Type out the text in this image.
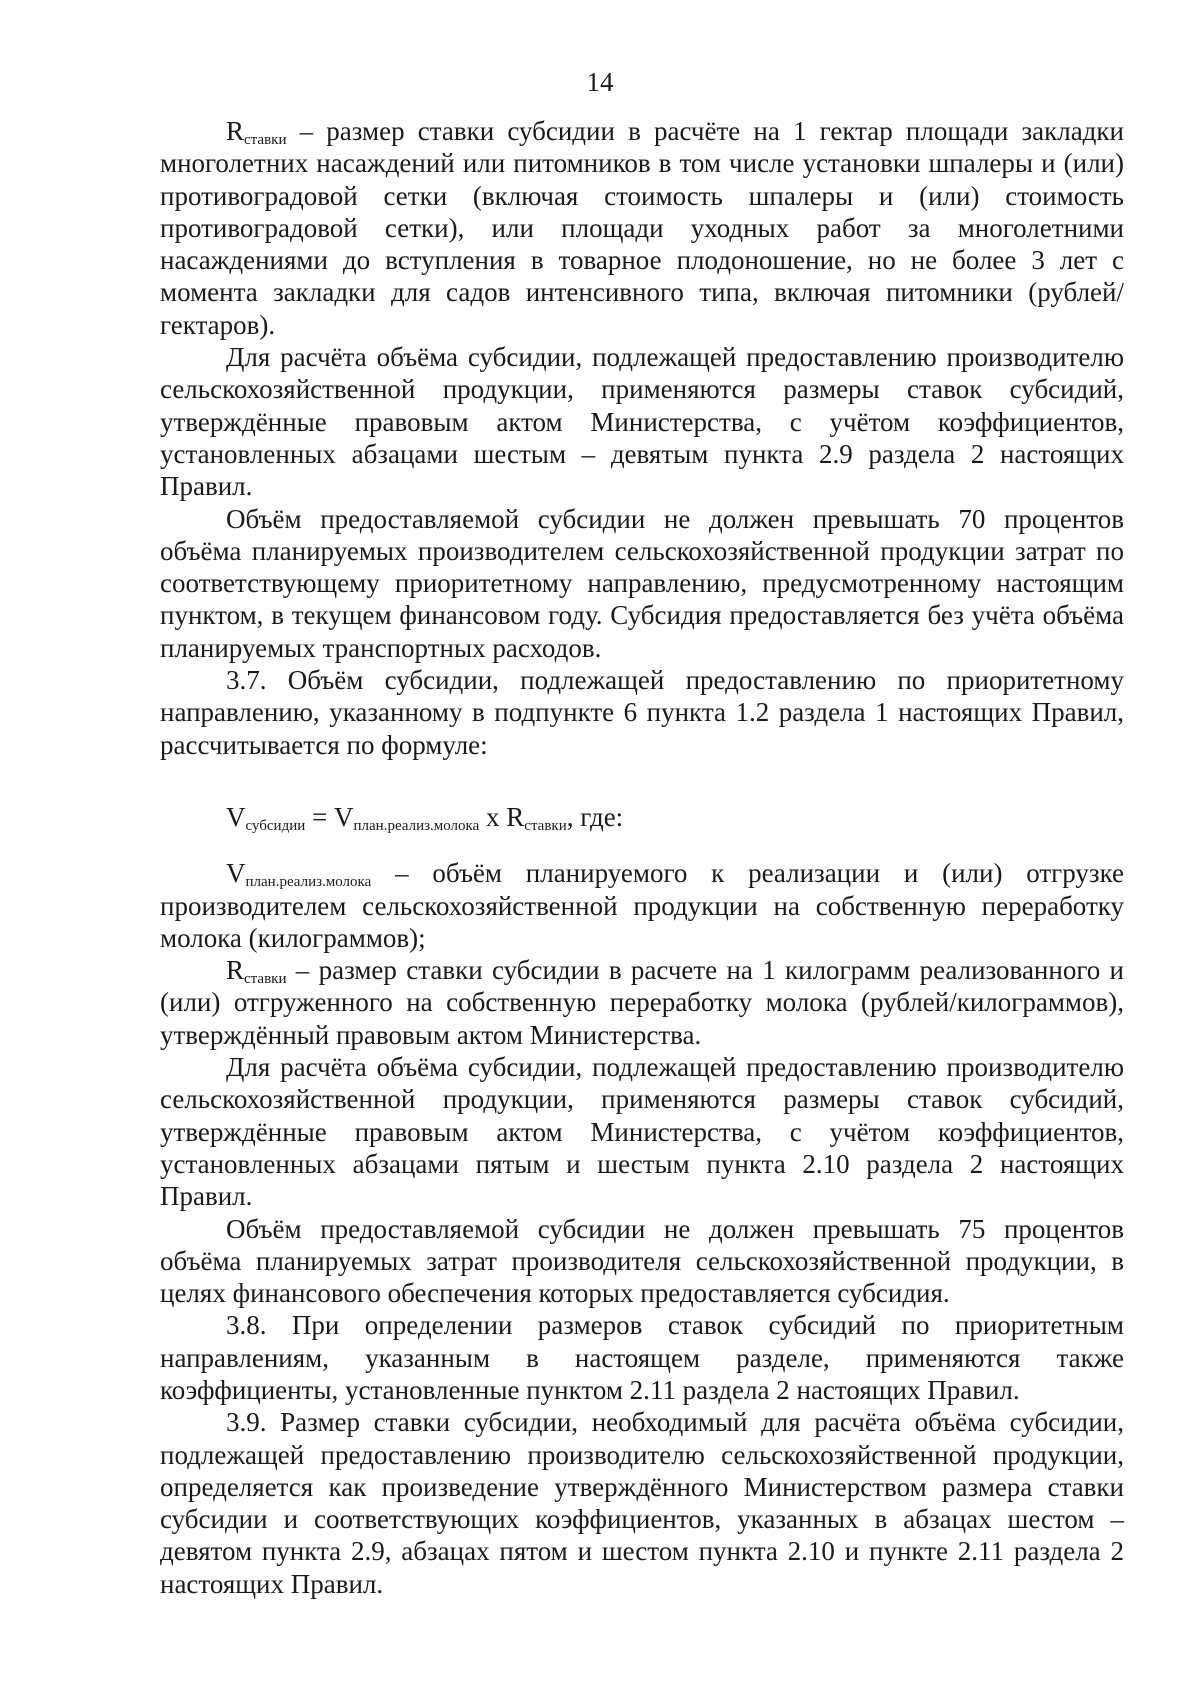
14

$R_{ставки}$ – размер ставки субсидии в расчёте на 1 гектар площади закладки многолетних насаждений или питомников в том числе установки шпалеры и (или) противоградовой сетки (включая стоимость шпалеры и (или) стоимость противоградовой сетки), или площади уходных работ за многолетними насаждениями до вступления в товарное плодоношение, но не более 3 лет с момента закладки для садов интенсивного типа, включая питомники (рублей/гектаров).

Для расчёта объёма субсидии, подлежащей предоставлению производителю сельскохозяйственной продукции, применяются размеры ставок субсидий, утверждённые правовым актом Министерства, с учётом коэффициентов, установленных абзацами шестым – девятым пункта 2.9 раздела 2 настоящих Правил.

Объём предоставляемой субсидии не должен превышать 70 процентов объёма планируемых производителем сельскохозяйственной продукции затрат по соответствующему приоритетному направлению, предусмотренному настоящим пунктом, в текущем финансовом году. Субсидия предоставляется без учёта объёма планируемых транспортных расходов.

3.7. Объём субсидии, подлежащей предоставлению по приоритетному направлению, указанному в подпункте 6 пункта 1.2 раздела 1 настоящих Правил, рассчитывается по формуле:

$V_{субсидии} = V_{план.реализ.молока}$ x $R_{ставки}$, где:

$V_{план.реализ.молока}$ – объём планируемого к реализации и (или) отгрузке производителем сельскохозяйственной продукции на собственную переработку молока (килограммов);

$R_{ставки}$ – размер ставки субсидии в расчете на 1 килограмм реализованного и (или) отгруженного на собственную переработку молока (рублей/килограммов), утверждённый правовым актом Министерства.

Для расчёта объёма субсидии, подлежащей предоставлению производителю сельскохозяйственной продукции, применяются размеры ставок субсидий, утверждённые правовым актом Министерства, с учётом коэффициентов, установленных абзацами пятым и шестым пункта 2.10 раздела 2 настоящих Правил.

Объём предоставляемой субсидии не должен превышать 75 процентов объёма планируемых затрат производителя сельскохозяйственной продукции, в целях финансового обеспечения которых предоставляется субсидия.

3.8. При определении размеров ставок субсидий по приоритетным направлениям, указанным в настоящем разделе, применяются также коэффициенты, установленные пунктом 2.11 раздела 2 настоящих Правил.

3.9. Размер ставки субсидии, необходимый для расчёта объёма субсидии, подлежащей предоставлению производителю сельскохозяйственной продукции, определяется как произведение утверждённого Министерством размера ставки субсидии и соответствующих коэффициентов, указанных в абзацах шестом – девятом пункта 2.9, абзацах пятом и шестом пункта 2.10 и пункте 2.11 раздела 2 настоящих Правил.
